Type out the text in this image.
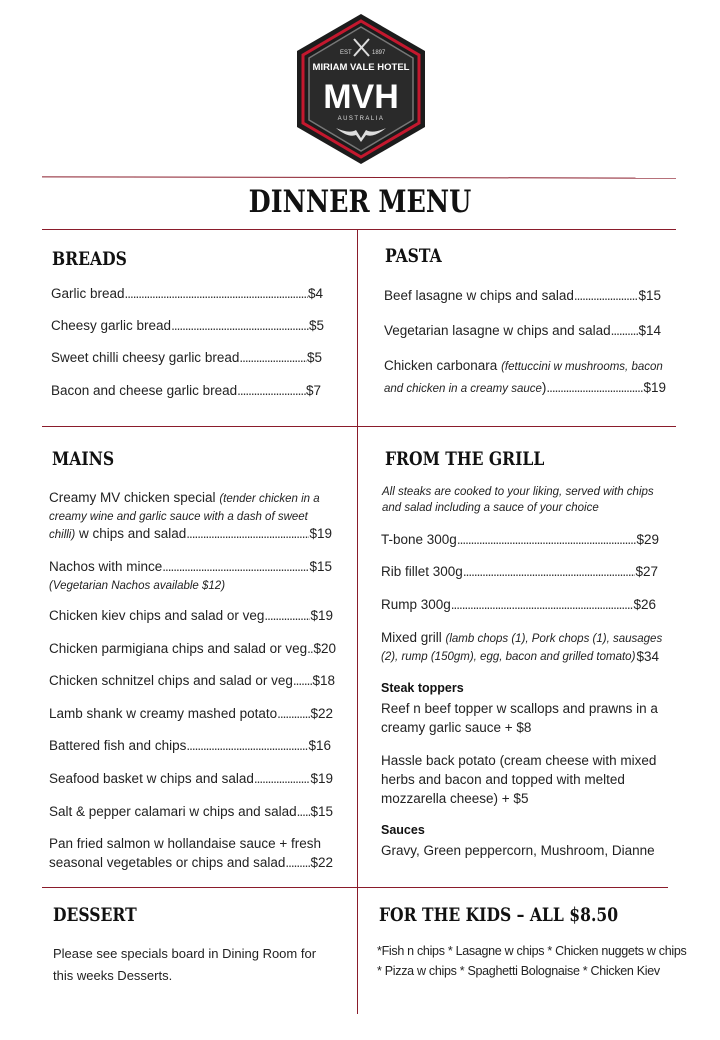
EST	1897
MIRIAM VALE HOTEL
MVH
AUSTRALIA
DINNER MENU
BREADS
Garlic bread .....	$4
Cheesy garlic bread .....	$5
Sweet chilli cheesy garlic bread .....	$5
Bacon and cheese garlic bread .....	$7
PASTA
Beef lasagne w chips and salad .....	$15
Vegetarian lasagne w chips and salad ..... $14
Chicken carbonara (fettuccini w mushrooms, bacon
and chicken in a creamy sauce) .....	$19
MAINS
Creamy MV chicken special (tender chicken in a
creamy wine and garlic sauce with a dash of sweet
chilli) w chips and salad .....	$19
Nachos with mince .....	$15
(Vegetarian Nachos available $12)
Chicken kiev chips and salad or veg .....	$19
Chicken parmigiana chips and salad or veg ..... $20
Chicken schnitzel chips and salad or veg ..... $18
Lamb shank w creamy mashed potato ..... $22
Battered fish and chips .....	$16
Seafood basket w chips and salad .....	$19
Salt & pepper calamari w chips and salad ..... $15
Pan fried salmon w hollandaise sauce + fresh
seasonal vegetables or chips and salad ..... $22
FROM THE GRILL
All steaks are cooked to your liking, served with chips
and salad including a sauce of your choice
T-bone 300g .....	$29
Rib fillet 300g .....	$27
Rump 300g .....	$26
Mixed grill (lamb chops (1), Pork chops (1), sausages
(2), rump (150gm), egg, bacon and grilled tomato) ..... $34
Steak toppers
Reef n beef topper w scallops and prawns in a
creamy garlic sauce + $8
Hassle back potato (cream cheese with mixed
herbs and bacon and topped with melted
mozzarella cheese) + $5
Sauces
Gravy, Green peppercorn, Mushroom, Dianne
DESSERT
Please see specials board in Dining Room for
this weeks Desserts.
FOR THE KIDS – ALL $8.50
*Fish n chips * Lasagne w chips * Chicken nuggets w chips
* Pizza w chips * Spaghetti Bolognaise * Chicken Kiev
